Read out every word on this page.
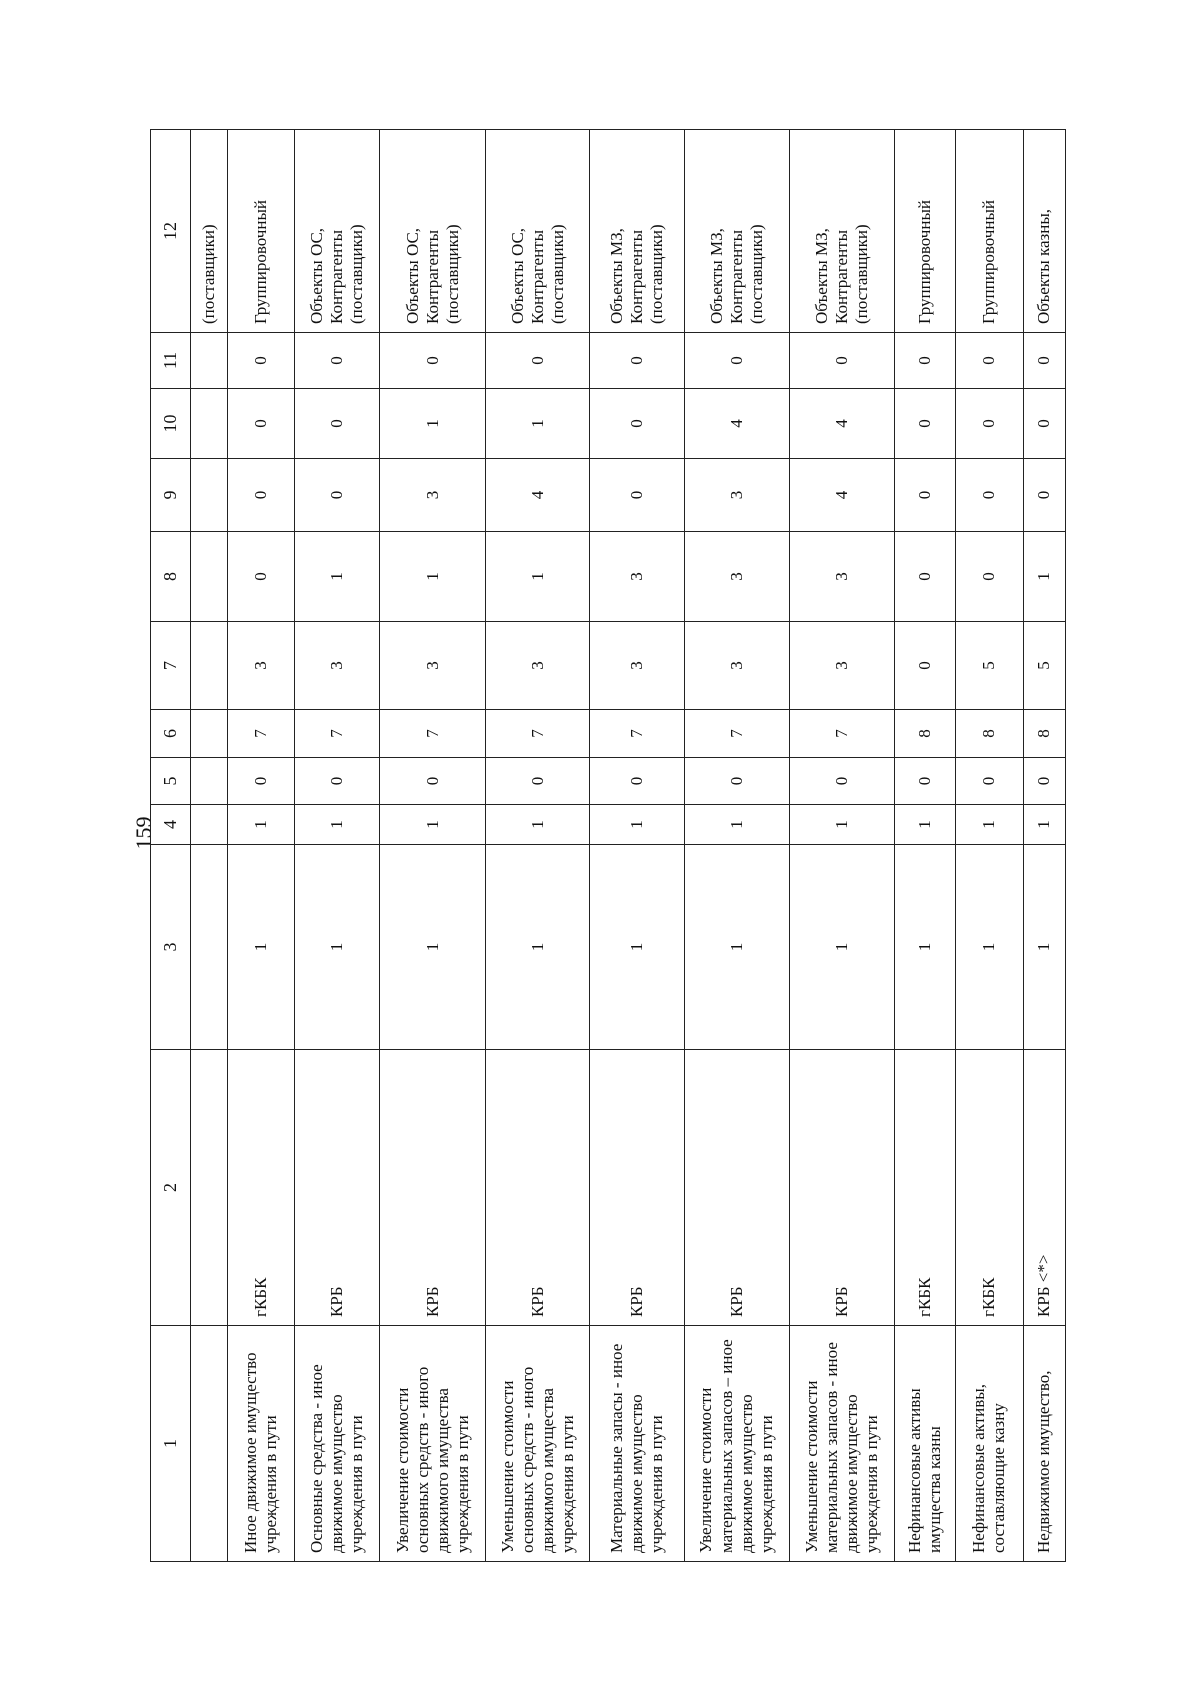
159
1	2	3	4	5	6	7	8	9	10	11	12
											(поставщики)
Иное движимое имущество учреждения в пути	гКБК	1	1	0	7	3	0	0	0	0	Группировочный
Основные средства - иное движимое имущество учреждения в пути	КРБ	1	1	0	7	3	1	0	0	0	Объекты ОС, Контрагенты (поставщики)
Увеличение стоимости основных средств - иного движимого имущества учреждения в пути	КРБ	1	1	0	7	3	1	3	1	0	Объекты ОС, Контрагенты (поставщики)
Уменьшение стоимости основных средств - иного движимого имущества учреждения в пути	КРБ	1	1	0	7	3	1	4	1	0	Объекты ОС, Контрагенты (поставщики)
Материальные запасы - иное движимое имущество учреждения в пути	КРБ	1	1	0	7	3	3	0	0	0	Объекты МЗ, Контрагенты (поставщики)
Увеличение стоимости материальных запасов – иное движимое имущество учреждения в пути	КРБ	1	1	0	7	3	3	3	4	0	Объекты МЗ, Контрагенты (поставщики)
Уменьшение стоимости материальных запасов - иное движимое имущество учреждения в пути	КРБ	1	1	0	7	3	3	4	4	0	Объекты МЗ, Контрагенты (поставщики)
Нефинансовые активы имущества казны	гКБК	1	1	0	8	0	0	0	0	0	Группировочный
Нефинансовые активы, составляющие казну	гКБК	1	1	0	8	5	0	0	0	0	Группировочный
Недвижимое имущество,	КРБ <*>	1	1	0	8	5	1	0	0	0	Объекты казны,
